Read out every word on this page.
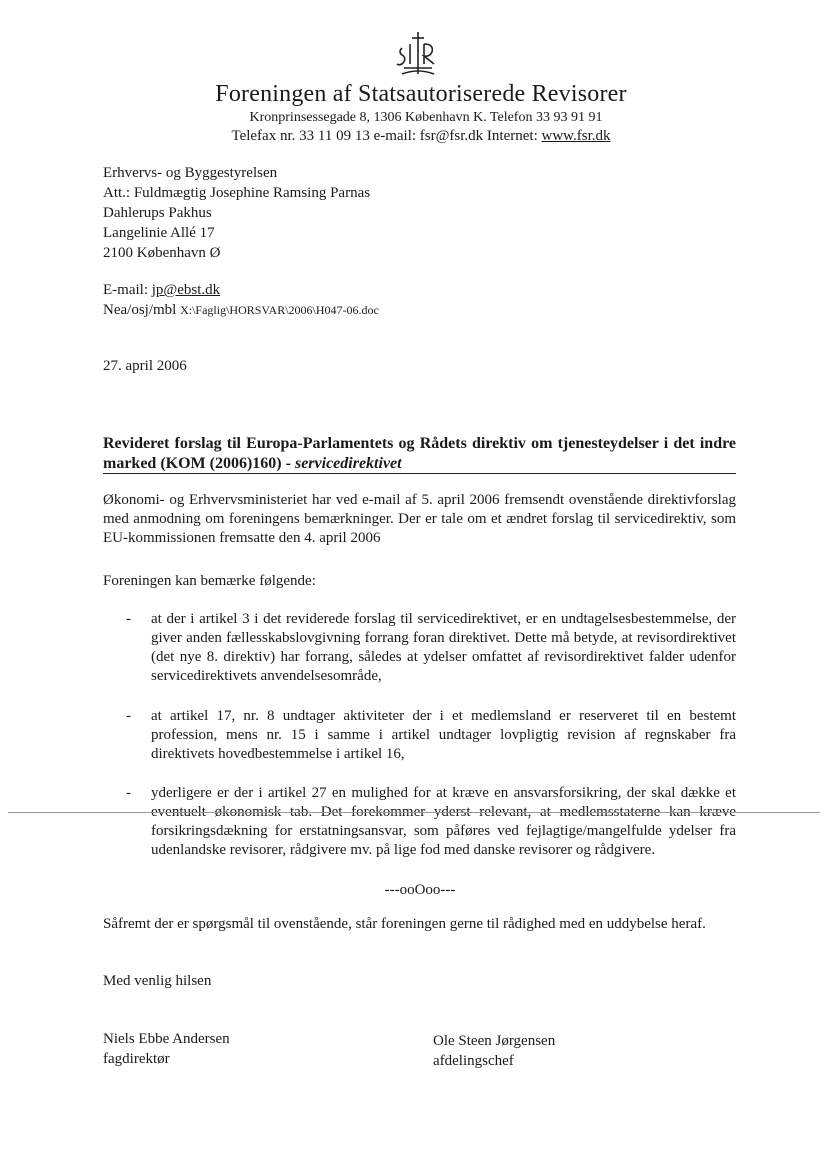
Foreningen af Statsautoriserede Revisorer
Kronprinsessegade 8, 1306 København K. Telefon 33 93 91 91
Telefax nr. 33 11 09 13 e-mail: fsr@fsr.dk Internet: www.fsr.dk
Erhvervs- og Byggestyrelsen
Att.: Fuldmægtig Josephine Ramsing Parnas
Dahlerups Pakhus
Langelinie Allé 17
2100 København Ø
E-mail: jp@ebst.dk
Nea/osj/mbl X:\Faglig\HORSVAR\2006\H047-06.doc
27. april 2006
Revideret forslag til Europa-Parlamentets og Rådets direktiv om tjenesteydelser i det indre marked (KOM (2006)160) - servicedirektivet
Økonomi- og Erhvervsministeriet har ved e-mail af 5. april 2006 fremsendt ovenstående direktivforslag med anmodning om foreningens bemærkninger. Der er tale om et ændret forslag til servicedirektiv, som EU-kommissionen fremsatte den 4. april 2006
Foreningen kan bemærke følgende:
-	at der i artikel 3 i det reviderede forslag til servicedirektivet, er en undtagelsesbestemmelse, der giver anden fællesskabslovgivning forrang foran direktivet. Dette må betyde, at revisordirektivet (det nye 8. direktiv) har forrang, således at ydelser omfattet af revisordirektivet falder udenfor servicedirektivets anvendelsesområde,
-	at artikel 17, nr. 8 undtager aktiviteter der i et medlemsland er reserveret til en bestemt profession, mens nr. 15 i samme i artikel undtager lovpligtig revision af regnskaber fra direktivets hovedbestemmelse i artikel 16,
-	yderligere er der i artikel 27 en mulighed for at kræve en ansvarsforsikring, der skal dække et eventuelt økonomisk tab. Det forekommer yderst relevant, at medlemsstaterne kan kræve forsikringsdækning for erstatningsansvar, som påføres ved fejlagtige/mangelfulde ydelser fra udenlandske revisorer, rådgivere mv. på lige fod med danske revisorer og rådgivere.
---ooOoo---
Såfremt der er spørgsmål til ovenstående, står foreningen gerne til rådighed med en uddybelse heraf.
Med venlig hilsen
Niels Ebbe Andersen
fagdirektør
Ole Steen Jørgensen
afdelingschef
